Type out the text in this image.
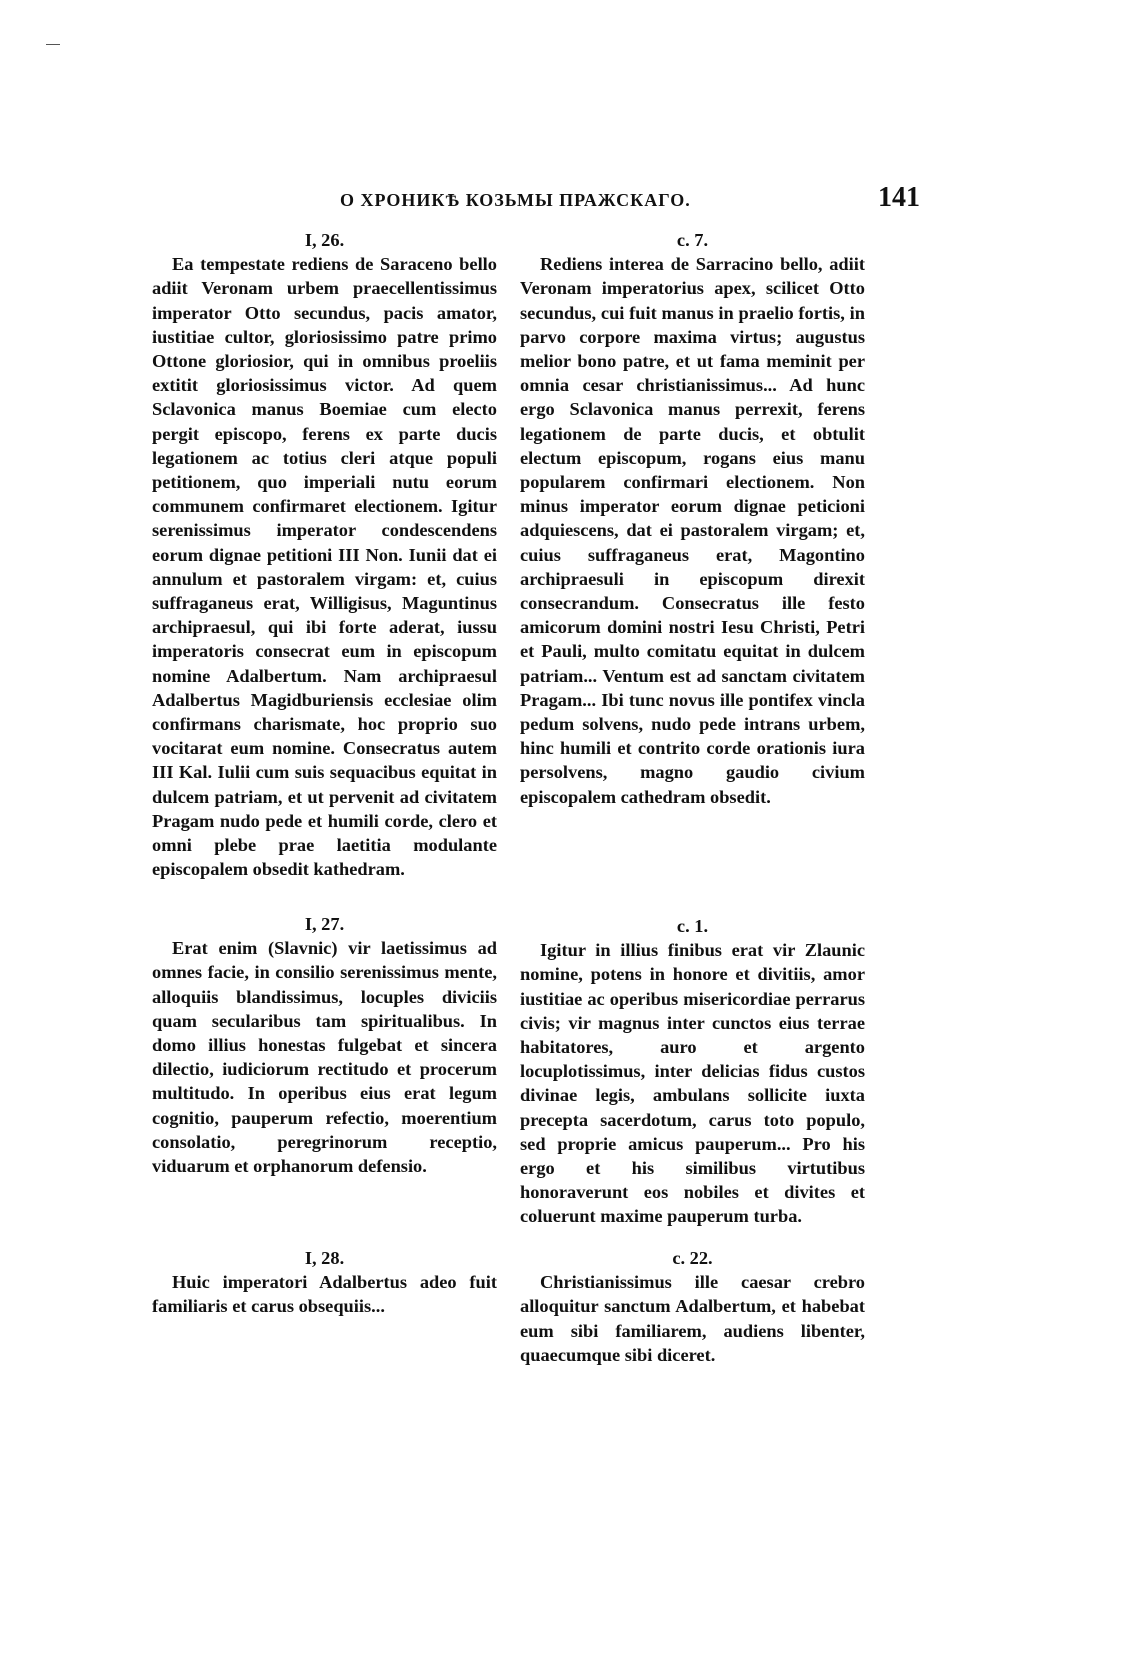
О ХРОНИКѢ КОЗЬМЫ ПРАЖСКАГО.	141
I, 26.
Ea tempestate rediens de Saraceno bello adiit Veronam urbem praecellentissimus imperator Otto secundus, pacis amator, iustitiae cultor, gloriosissimo patre primo Ottone gloriosior, qui in omnibus proeliis extitit gloriosissimus victor. Ad quem Sclavonica manus Boemiae cum electo pergit episcopo, ferens ex parte ducis legationem ac totius cleri atque populi petitionem, quo imperiali nutu eorum communem confirmaret electionem. Igitur serenissimus imperator condescendens eorum dignae petitioni III Non. Iunii dat ei annulum et pastoralem virgam: et, cuius suffraganeus erat, Willigisus, Maguntinus archipraesul, qui ibi forte aderat, iussu imperatoris consecrat eum in episcopum nomine Adalbertum. Nam archipraesul Adalbertus Magidburiensis ecclesiae olim confirmans charismate, hoc proprio suo vocitarat eum nomine. Consecratus autem III Kal. Iulii cum suis sequacibus equitat in dulcem patriam, et ut pervenit ad civitatem Pragam nudo pede et humili corde, clero et omni plebe prae laetitia modulante episcopalem obsedit kathedram.
I, 27.
Erat enim (Slavnic) vir laetissimus ad omnes facie, in consilio serenissimus mente, alloquiis blandissimus, locuples diviciis quam secularibus tam spiritualibus. In domo illius honestas fulgebat et sincera dilectio, iudiciorum rectitudo et procerum multitudo. In operibus eius erat legum cognitio, pauperum refectio, moerentium consolatio, peregrinorum receptio, viduarum et orphanorum defensio.
I, 28.
Huic imperatori Adalbertus adeo fuit familiaris et carus obsequiis...
c. 7.
Rediens interea de Sarracino bello, adiit Veronam imperatorius apex, scilicet Otto secundus, cui fuit manus in praelio fortis, in parvo corpore maxima virtus; augustus melior bono patre, et ut fama meminit per omnia cesar christianissimus... Ad hunc ergo Sclavonica manus perrexit, ferens legationem de parte ducis, et obtulit electum episcopum, rogans eius manu popularem confirmari electionem. Non minus imperator eorum dignae peticioni adquiescens, dat ei pastoralem virgam; et, cuius suffraganeus erat, Magontino archipraesuli in episcopum direxit consecrandum. Consecratus ille festo amicorum domini nostri Iesu Christi, Petri et Pauli, multo comitatu equitat in dulcem patriam... Ventum est ad sanctam civitatem Pragam... Ibi tunc novus ille pontifex vincla pedum solvens, nudo pede intrans urbem, hinc humili et contrito corde orationis iura persolvens, magno gaudio civium episcopalem cathedram obsedit.
c. 1.
Igitur in illius finibus erat vir Zlaunic nomine, potens in honore et divitiis, amor iustitiae ac operibus misericordiae perrarus civis; vir magnus inter cunctos eius terrae habitatores, auro et argento locuplotissimus, inter delicias fidus custos divinae legis, ambulans sollicite iuxta precepta sacerdotum, carus toto populo, sed proprie amicus pauperum... Pro his ergo et his similibus virtutibus honoraverunt eos nobiles et divites et coluerunt maxime pauperum turba.
c. 22.
Christianissimus ille caesar crebro alloquitur sanctum Adalbertum, et habebat eum sibi familiarem, audiens libenter, quaecumque sibi diceret.
